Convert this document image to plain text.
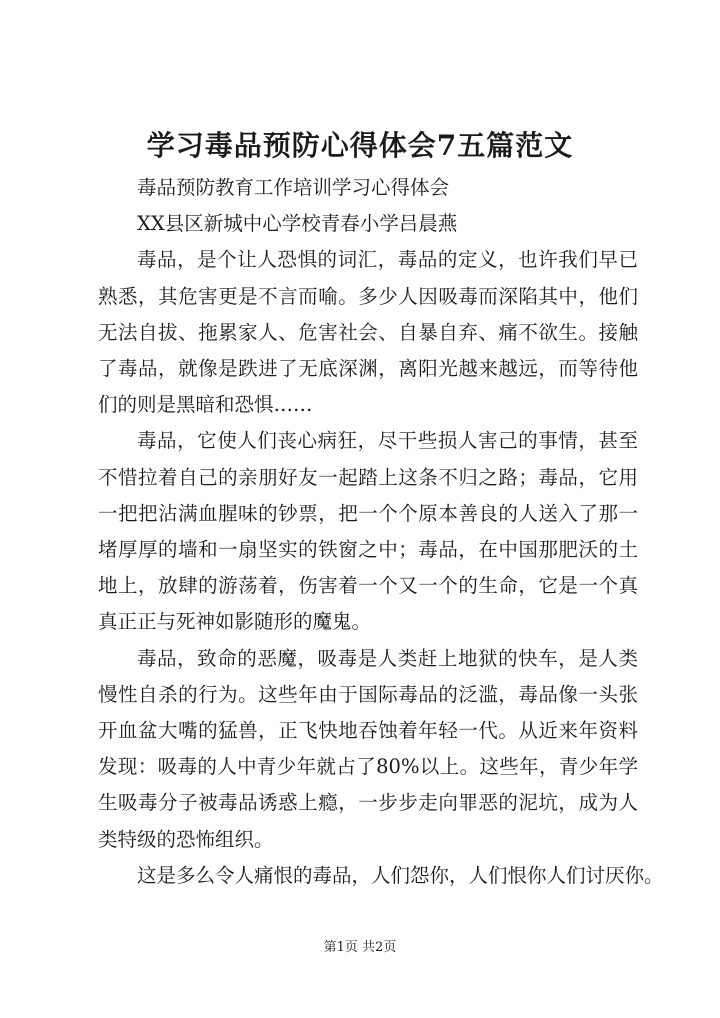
学习毒品预防心得体会7五篇范文

毒品预防教育工作培训学习心得体会

XX县区新城中心学校青春小学吕晨燕

毒品，是个让人恐惧的词汇，毒品的定义，也许我们早已熟悉，其危害更是不言而喻。多少人因吸毒而深陷其中，他们无法自拔、拖累家人、危害社会、自暴自弃、痛不欲生。接触了毒品，就像是跌进了无底深渊，离阳光越来越远，而等待他们的则是黑暗和恐惧……

毒品，它使人们丧心病狂，尽干些损人害己的事情，甚至不惜拉着自己的亲朋好友一起踏上这条不归之路；毒品，它用一把把沾满血腥味的钞票，把一个个原本善良的人送入了那一堵厚厚的墙和一扇坚实的铁窗之中；毒品，在中国那肥沃的土地上，放肆的游荡着，伤害着一个又一个的生命，它是一个真真正正与死神如影随形的魔鬼。

毒品，致命的恶魔，吸毒是人类赶上地狱的快车，是人类慢性自杀的行为。这些年由于国际毒品的泛滥，毒品像一头张开血盆大嘴的猛兽，正飞快地吞蚀着年轻一代。从近来年资料发现：吸毒的人中青少年就占了80%以上。这些年，青少年学生吸毒分子被毒品诱惑上瘾，一步步走向罪恶的泥坑，成为人类特级的恐怖组织。

这是多么令人痛恨的毒品，人们怨你，人们恨你人们讨厌你。

第1页 共2页
